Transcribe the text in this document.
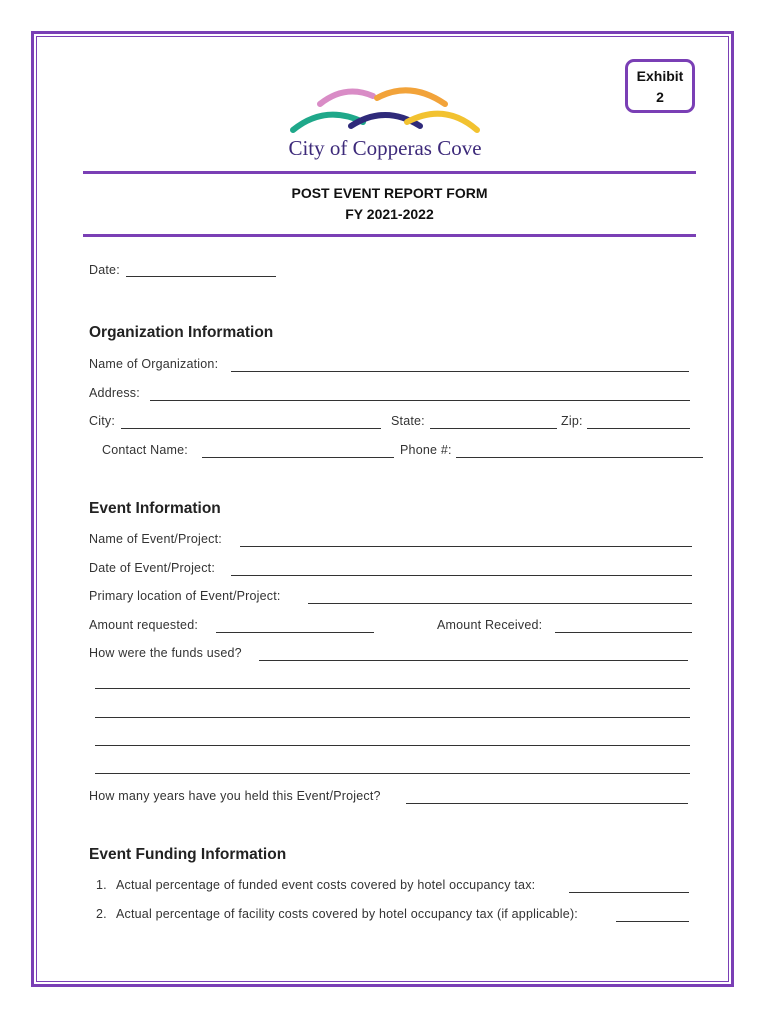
Exhibit
2
City of Copperas Cove
POST EVENT REPORT FORM
FY 2021-2022
Date:
Organization Information
Name of Organization:
Address:
City:	State:	Zip:
Contact Name:	Phone #:
Event Information
Name of Event/Project:
Date of Event/Project:
Primary location of Event/Project:
Amount requested:	Amount Received:
How were the funds used?
How many years have you held this Event/Project?
Event Funding Information
1. Actual percentage of funded event costs covered by hotel occupancy tax:
2. Actual percentage of facility costs covered by hotel occupancy tax (if applicable):
